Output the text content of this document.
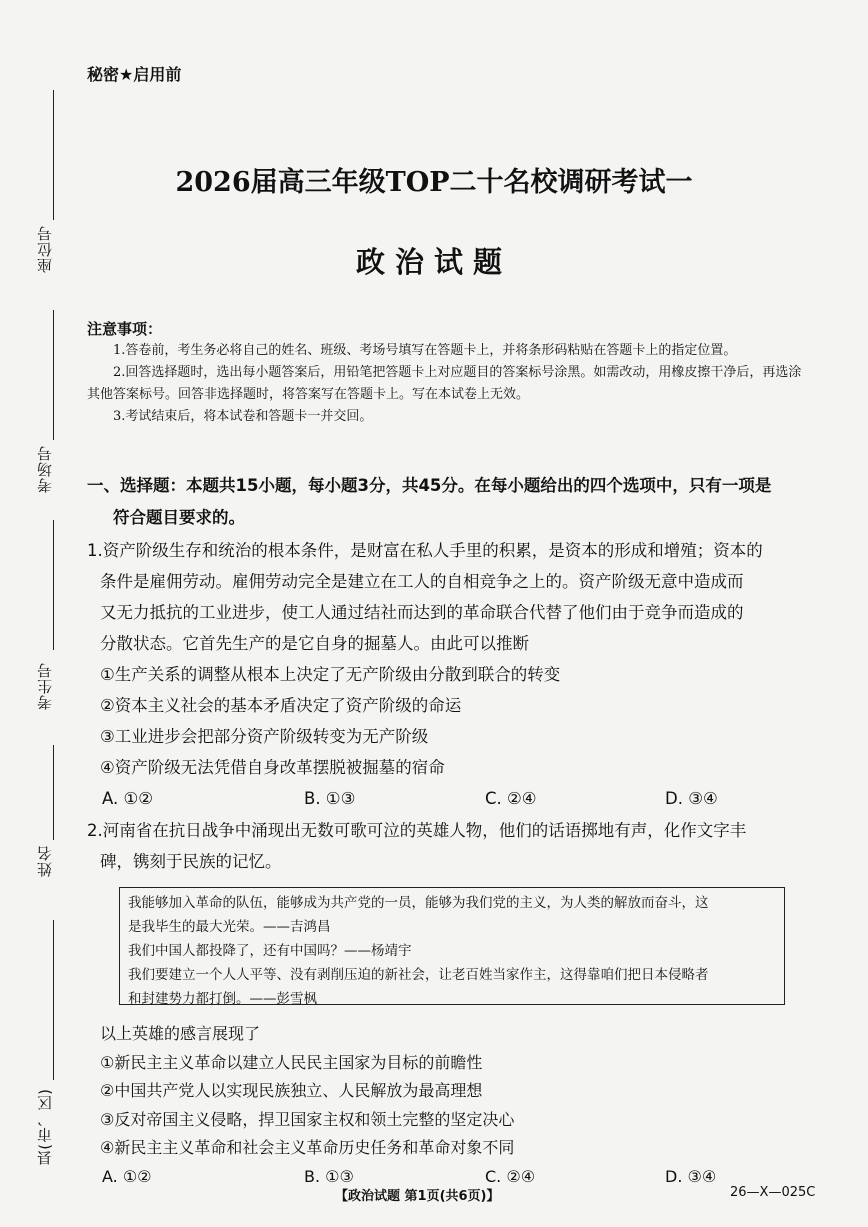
座位号
考场号
考生号
姓名
县(市、区)
秘密★启用前
2026届高三年级TOP二十名校调研考试一
政治试题
注意事项：

1.答卷前，考生务必将自己的姓名、班级、考场号填写在答题卡上，并将条形码粘贴在答题卡上的指定位置。

2.回答选择题时，选出每小题答案后，用铅笔把答题卡上对应题目的答案标号涂黑。如需改动，用橡皮擦干净后，再选涂其他答案标号。回答非选择题时，将答案写在答题卡上。写在本试卷上无效。

3.考试结束后，将本试卷和答题卡一并交回。

一、选择题：本题共15小题，每小题3分，共45分。在每小题给出的四个选项中，只有一项是
符合题目要求的。
1.资产阶级生存和统治的根本条件，是财富在私人手里的积累，是资本的形成和增殖；资本的
条件是雇佣劳动。雇佣劳动完全是建立在工人的自相竞争之上的。资产阶级无意中造成而
又无力抵抗的工业进步，使工人通过结社而达到的革命联合代替了他们由于竞争而造成的
分散状态。它首先生产的是它自身的掘墓人。由此可以推断
①生产关系的调整从根本上决定了无产阶级由分散到联合的转变
②资本主义社会的基本矛盾决定了资产阶级的命运
③工业进步会把部分资产阶级转变为无产阶级
④资产阶级无法凭借自身改革摆脱被掘墓的宿命
A. ①②	B. ①③	C. ②④	D. ③④
2.河南省在抗日战争中涌现出无数可歌可泣的英雄人物，他们的话语掷地有声，化作文字丰
碑，镌刻于民族的记忆。
我能够加入革命的队伍，能够成为共产党的一员，能够为我们党的主义，为人类的解放而奋斗，这
是我毕生的最大光荣。——吉鸿昌
我们中国人都投降了，还有中国吗？——杨靖宇
我们要建立一个人人平等、没有剥削压迫的新社会，让老百姓当家作主，这得靠咱们把日本侵略者
和封建势力都打倒。——彭雪枫
以上英雄的感言展现了
①新民主主义革命以建立人民民主国家为目标的前瞻性
②中国共产党人以实现民族独立、人民解放为最高理想
③反对帝国主义侵略，捍卫国家主权和领土完整的坚定决心
④新民主主义革命和社会主义革命历史任务和革命对象不同
A. ①②	B. ①③	C. ②④	D. ③④
【政治试题 第1页(共6页)】	26—X—025C
